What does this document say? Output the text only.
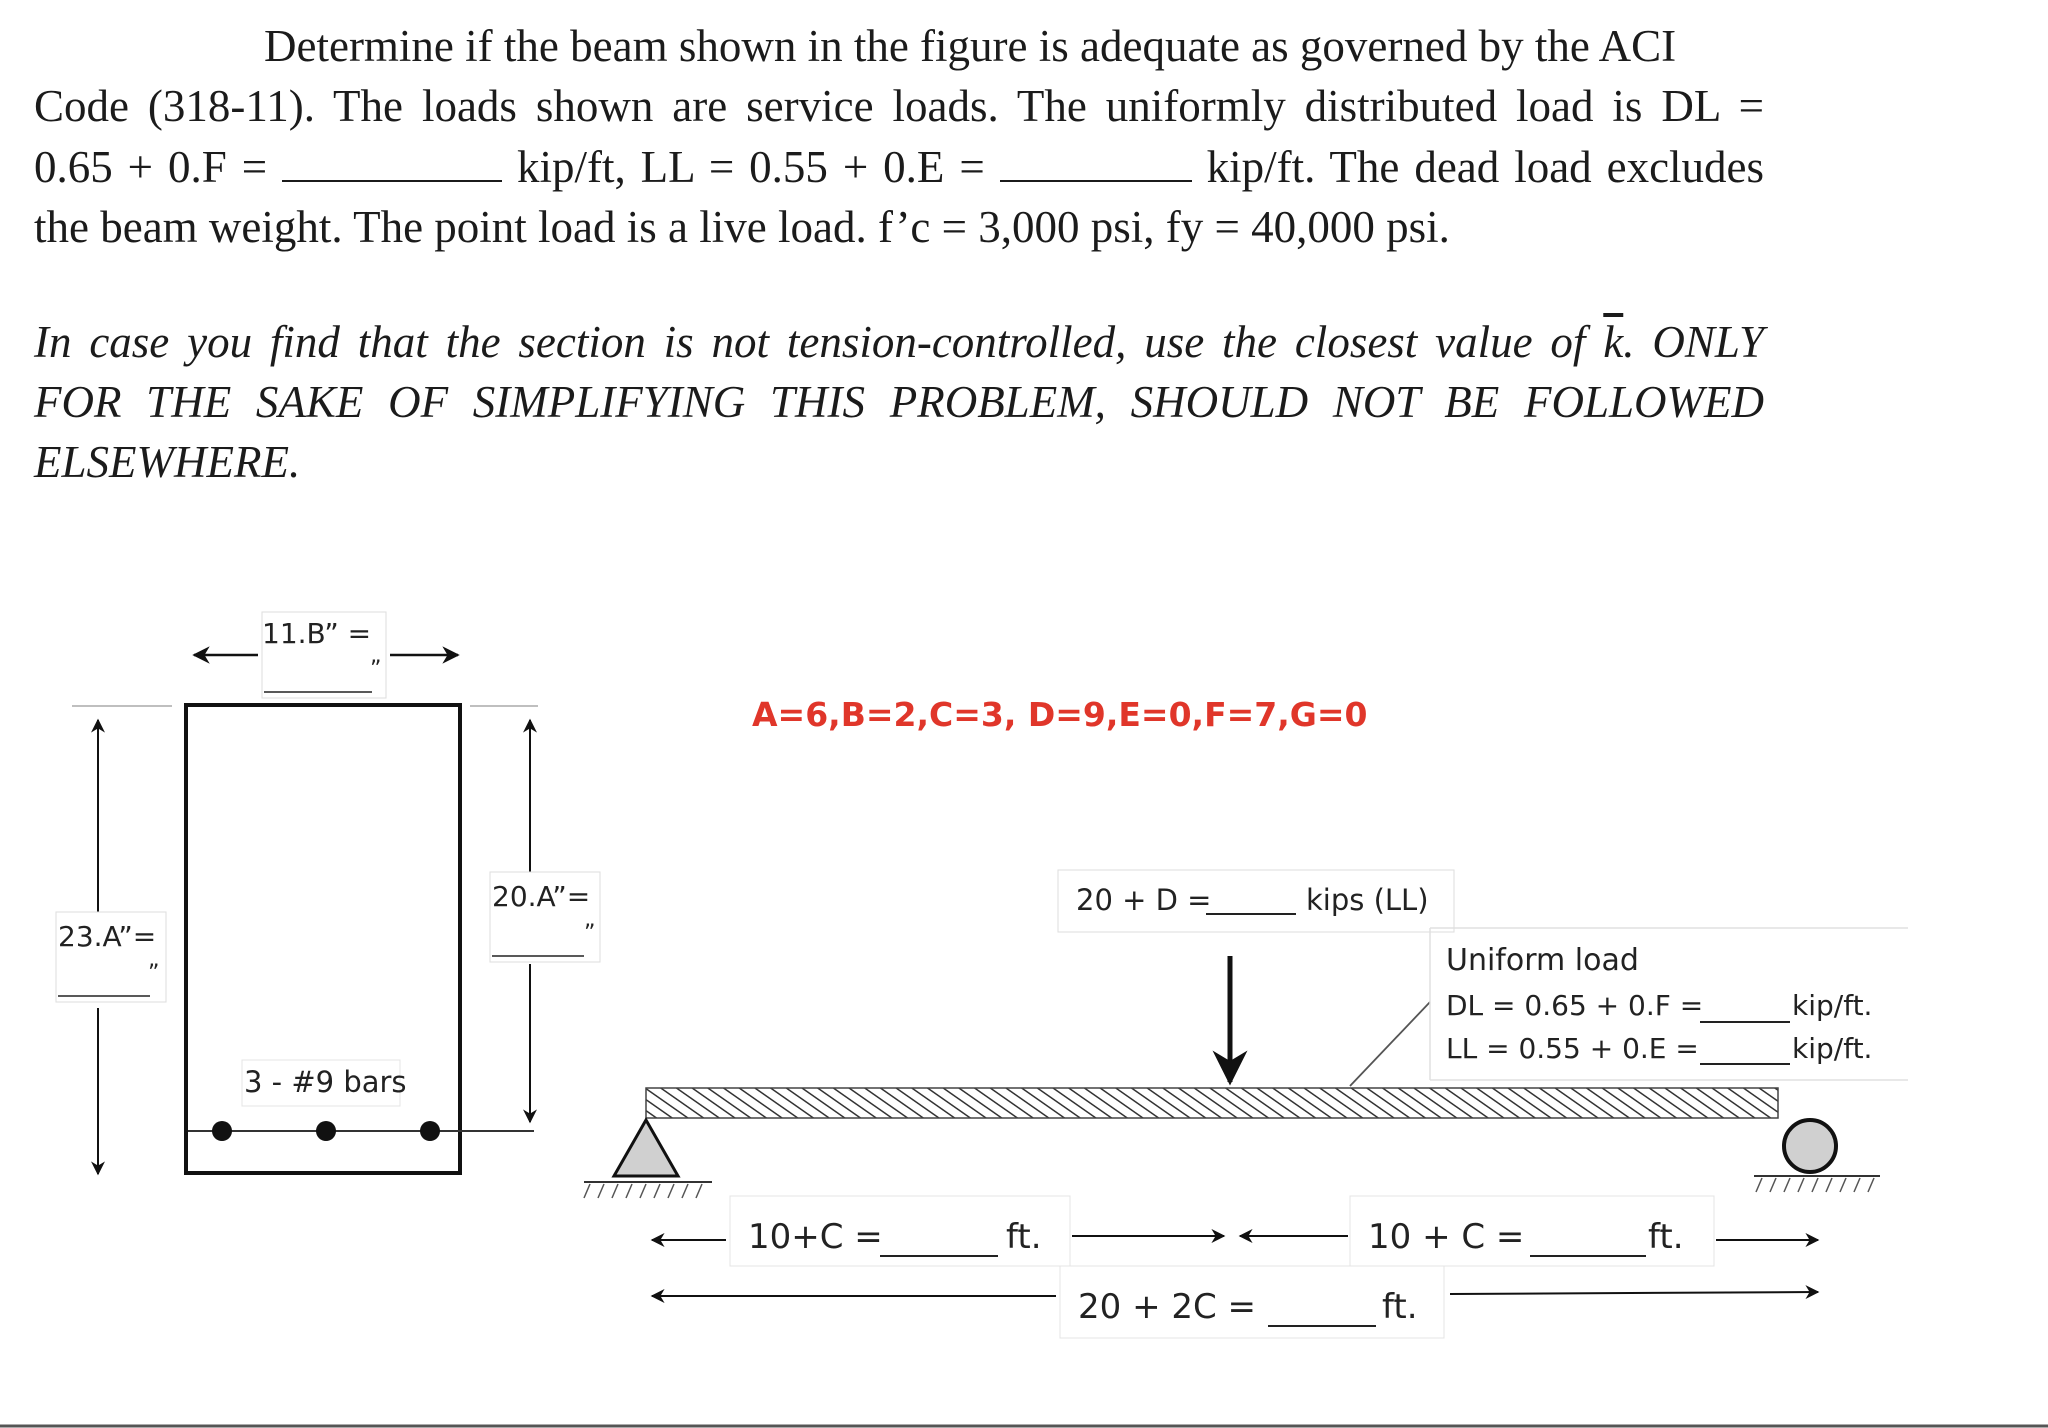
Determine if the beam shown in the figure is adequate as governed by the ACI
Code (318-11). The loads shown are service loads. The uniformly distributed load is DL =
0.65 + 0.F =	kip/ft, LL = 0.55 + 0.E =	kip/ft. The dead load excludes
the beam weight. The point load is a live load. f’c = 3,000 psi, fy = 40,000 psi.
In case you find that the section is not tension-controlled, use the closest value of $\overline{k}$. ONLY
FOR THE SAKE OF SIMPLIFYING THIS PROBLEM, SHOULD NOT BE FOLLOWED
ELSEWHERE.
11.B” =
”
3 - #9 bars
23.A”=
”
20.A”=
”
A=6,B=2,C=3, D=9,E=0,F=7,G=0
20 + D =	kips (LL)
Uniform load
DL = 0.65 + 0.F =	kip/ft.
LL = 0.55 + 0.E =	kip/ft.
10+C =	ft.	10 + C =	ft.
20 + 2C =	ft.
